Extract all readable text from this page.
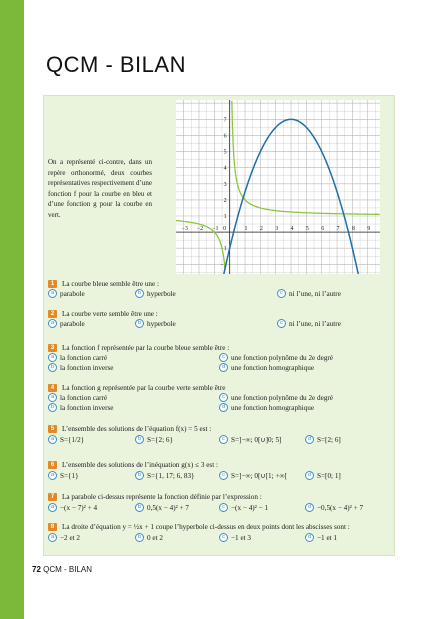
QCM - BILAN
On a représenté ci-contre, dans un repère orthonormé, deux courbes représentatives respectivement d’une fonction f pour la courbe en bleu et d’une fonction g pour la courbe en vert.
−3 −2 −1 0	1 2 3 4 5 6 7 8 9
7
6
5
4
3
2
1
−1
−2
1	La courbe bleue semble être une :
a parabole	b hyperbole	c ni l’une, ni l’autre
2	La courbe verte semble être une :
a parabole	b hyperbole	c ni l’une, ni l’autre
3	La fonction f représentée par la courbe bleue semble être :
a la fonction carré	c une fonction polynôme du 2e degré
b la fonction inverse	d une fonction homographique
4	La fonction g représentée par la courbe verte semble être
a la fonction carré	c une fonction polynôme du 2e degré
b la fonction inverse	d une fonction homographique
5	L’ensemble des solutions de l’équation f(x) = 5 est :
a S={1/2}	b S={2; 6}	c S=]−∞; 0[∪]0; 5]	d S=[2; 6]
6	L’ensemble des solutions de l’inéquation g(x) ≤ 3 est :
a S={1}	b S={1, 17; 6, 83}	c S=]−∞; 0[∪[1; +∞[	d S=[0; 1]
7	La parabole ci-dessus représente la fonction définie par l’expression :
a −(x − 7)² + 4	b 0,5(x − 4)² + 7	c −(x − 4)² − 1	d −0,5(x − 4)² + 7
8	La droite d’équation y = ½x + 1 coupe l’hyperbole ci-dessus en deux points dont les abscisses sont :
a −2 et 2	b 0 et 2	c −1 et 3	d −1 et 1
72 QCM - BILAN
